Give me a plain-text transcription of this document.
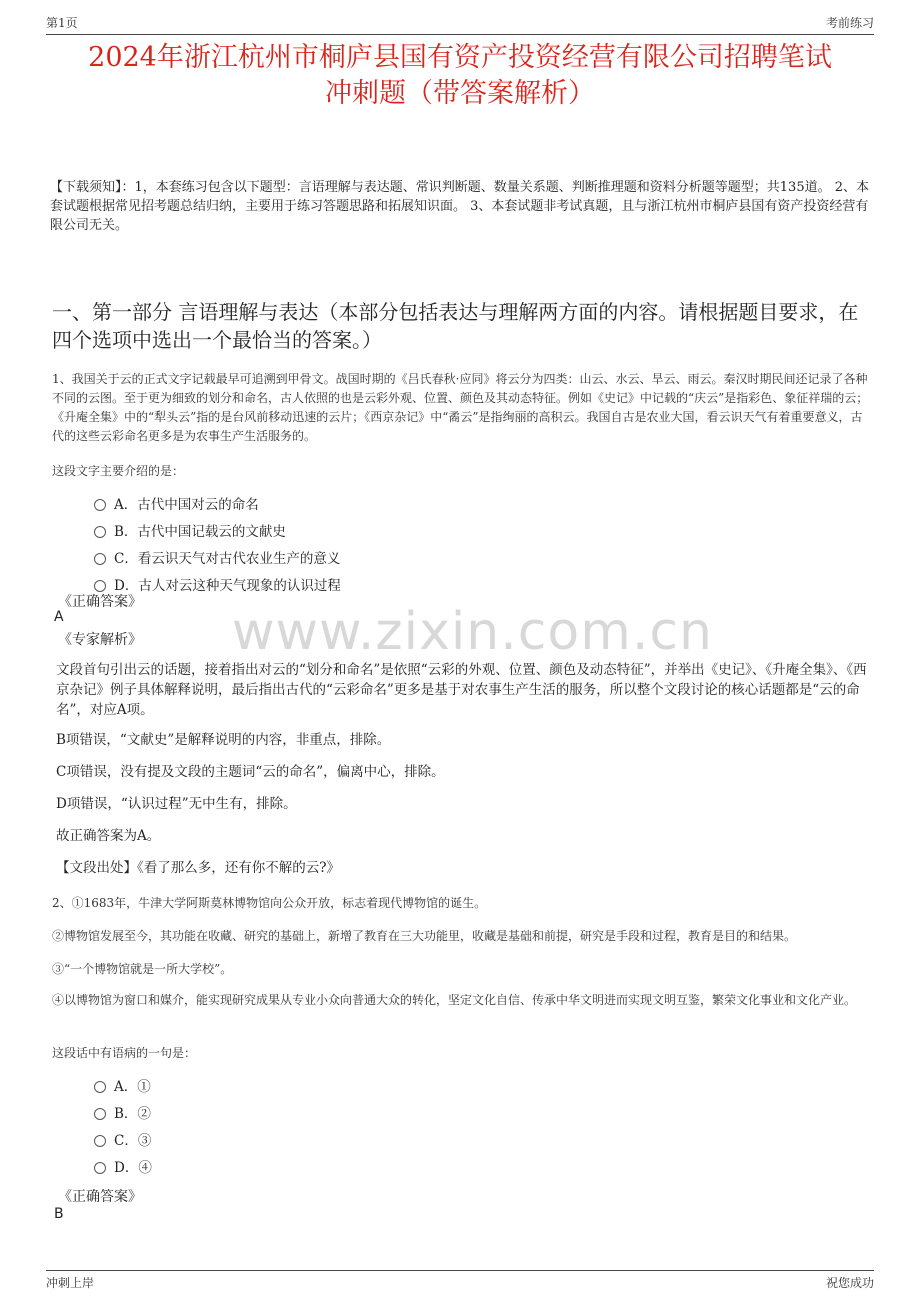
第1页	考前练习
2024年浙江杭州市桐庐县国有资产投资经营有限公司招聘笔试
冲刺题（带答案解析）
【下载须知】：1，本套练习包含以下题型：言语理解与表达题、常识判断题、数量关系题、判断推理题和资料分析题等题型；共135道。 2、本套试题根据常见招考题总结归纳，主要用于练习答题思路和拓展知识面。 3、本套试题非考试真题，且与浙江杭州市桐庐县国有资产投资经营有限公司无关。
一、第一部分 言语理解与表达（本部分包括表达与理解两方面的内容。请根据题目要求，在四个选项中选出一个最恰当的答案。）
1、我国关于云的正式文字记载最早可追溯到甲骨文。战国时期的《吕氏春秋·应同》将云分为四类：山云、水云、旱云、雨云。秦汉时期民间还记录了各种不同的云图。至于更为细致的划分和命名，古人依照的也是云彩外观、位置、颜色及其动态特征。例如《史记》中记载的“庆云”是指彩色、象征祥瑞的云；《升庵全集》中的“犁头云”指的是台风前移动迅速的云片；《西京杂记》中“矞云”是指绚丽的高积云。我国自古是农业大国，看云识天气有着重要意义，古代的这些云彩命名更多是为农事生产生活服务的。
这段文字主要介绍的是：
A．古代中国对云的命名
B．古代中国记载云的文献史
C．看云识天气对古代农业生产的意义
D．古人对云这种天气现象的认识过程
《正确答案》
A	www.zixin.com.cn
《专家解析》
文段首句引出云的话题，接着指出对云的“划分和命名”是依照“云彩的外观、位置、颜色及动态特征”，并举出《史记》、《升庵全集》、《西京杂记》例子具体解释说明，最后指出古代的“云彩命名”更多是基于对农事生产生活的服务，所以整个文段讨论的核心话题都是“云的命名”，对应A项。
B项错误，“文献史”是解释说明的内容，非重点，排除。
C项错误，没有提及文段的主题词“云的命名”，偏离中心，排除。
D项错误，“认识过程”无中生有，排除。
故正确答案为A。
【文段出处】《看了那么多，还有你不解的云?》
2、①1683年，牛津大学阿斯莫林博物馆向公众开放，标志着现代博物馆的诞生。
②博物馆发展至今，其功能在收藏、研究的基础上，新增了教育在三大功能里，收藏是基础和前提，研究是手段和过程，教育是目的和结果。
③“一个博物馆就是一所大学校”。
④以博物馆为窗口和媒介，能实现研究成果从专业小众向普通大众的转化，坚定文化自信、传承中华文明进而实现文明互鉴，繁荣文化事业和文化产业。
这段话中有语病的一句是：
A．①
B．②
C．③
D．④
《正确答案》
B
冲刺上岸	祝您成功
